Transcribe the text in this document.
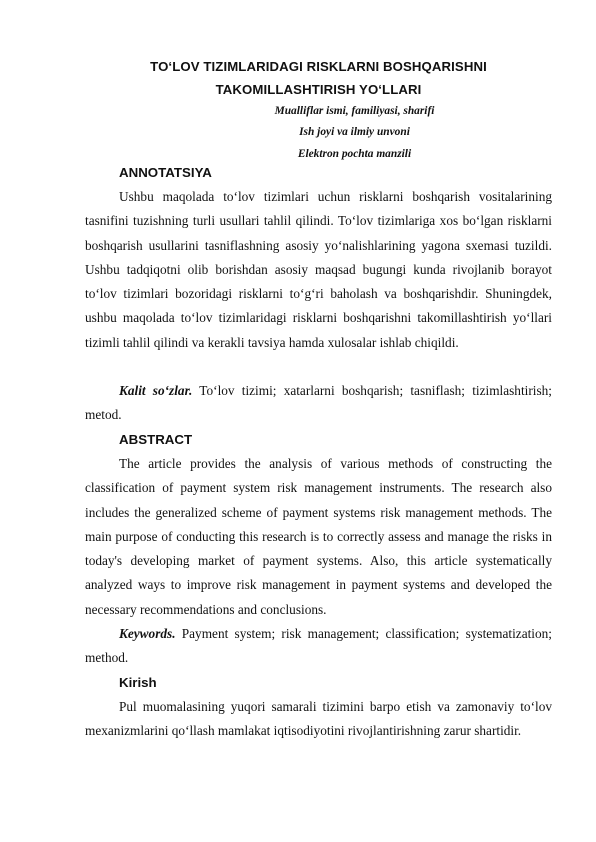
TO‘LOV TIZIMLARIDAGI RISKLARNI BOSHQARISHNI

TAKOMILLASHTIRISH YO‘LLARI

Mualliflar ismi, familiyasi, sharifi

Ish joyi va ilmiy unvoni

Elektron pochta manzili

ANNOTATSIYA

Ushbu maqolada to‘lov tizimlari uchun risklarni boshqarish vositalarining tasnifini tuzishning turli usullari tahlil qilindi. To‘lov tizimlariga xos bo‘lgan risklarni boshqarish usullarini tasniflashning asosiy yo‘nalishlarining yagona sxemasi tuzildi. Ushbu tadqiqotni olib borishdan asosiy maqsad bugungi kunda rivojlanib borayot to‘lov tizimlari bozoridagi risklarni to‘g‘ri baholash va boshqarishdir. Shuningdek, ushbu maqolada to‘lov tizimlaridagi risklarni boshqarishni takomillashtirish yo‘llari tizimli tahlil qilindi va kerakli tavsiya hamda xulosalar ishlab chiqildi.

Kalit so‘zlar. To‘lov tizimi; xatarlarni boshqarish; tasniflash; tizimlashtirish; metod.

ABSTRACT

The article provides the analysis of various methods of constructing the classification of payment system risk management instruments. The research also includes the generalized scheme of payment systems risk management methods. The main purpose of conducting this research is to correctly assess and manage the risks in today's developing market of payment systems. Also, this article systematically analyzed ways to improve risk management in payment systems and developed the necessary recommendations and conclusions.

Keywords. Payment system; risk management; classification; systematization; method.

Kirish

Pul muomalasining yuqori samarali tizimini barpo etish va zamonaviy to‘lov mexanizmlarini qo‘llash mamlakat iqtisodiyotini rivojlantirishning zarur shartidir.
